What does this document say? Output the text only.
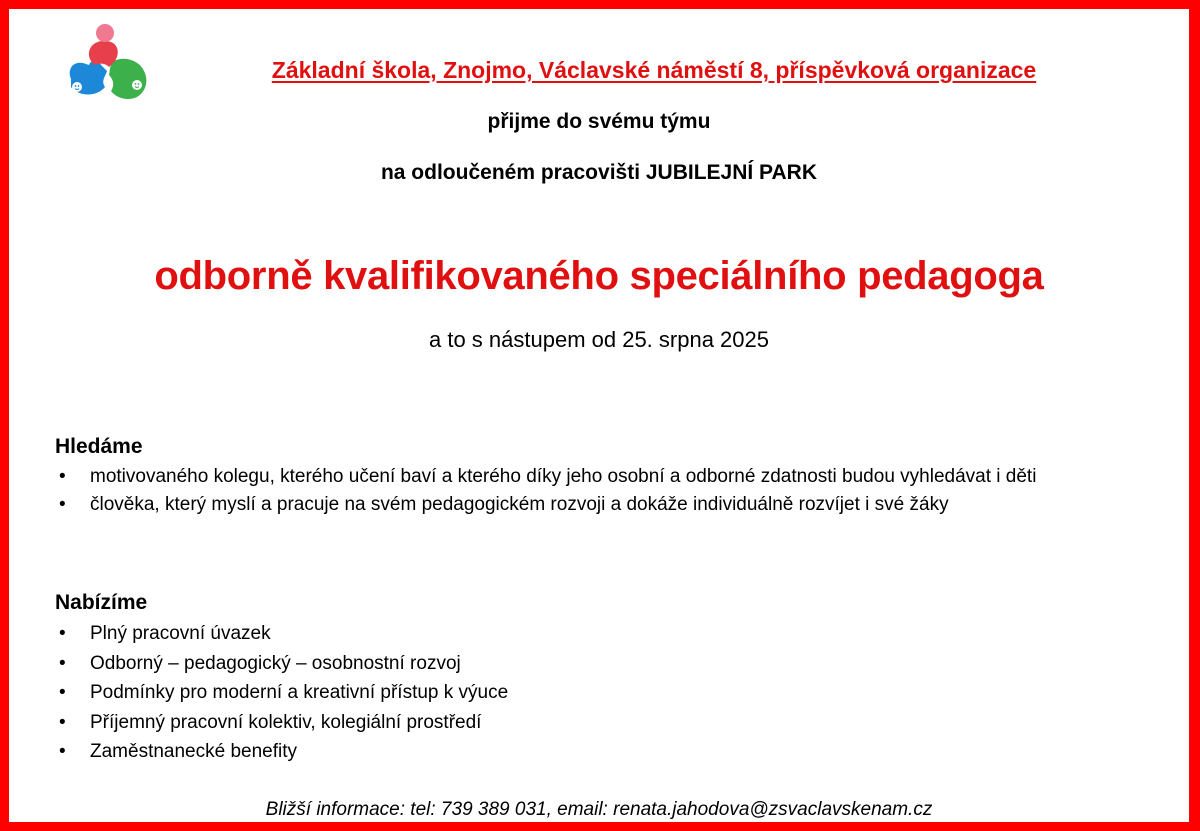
Základní škola, Znojmo, Václavské náměstí 8, příspěvková organizace

přijme do svému týmu

na odloučeném pracovišti JUBILEJNÍ PARK

odborně kvalifikovaného speciálního pedagoga

a to s nástupem od 25. srpna 2025

Hledáme
• motivovaného kolegu, kterého učení baví a kterého díky jeho osobní a odborné zdatnosti budou vyhledávat i děti
• člověka, který myslí a pracuje na svém pedagogickém rozvoji a dokáže individuálně rozvíjet i své žáky
Nabízíme
• Plný pracovní úvazek
• Odborný – pedagogický – osobnostní rozvoj
• Podmínky pro moderní a kreativní přístup k výuce
• Příjemný pracovní kolektiv, kolegiální prostředí
• Zaměstnanecké benefity

Bližší informace: tel: 739 389 031, email: renata.jahodova@zsvaclavskenam.cz
